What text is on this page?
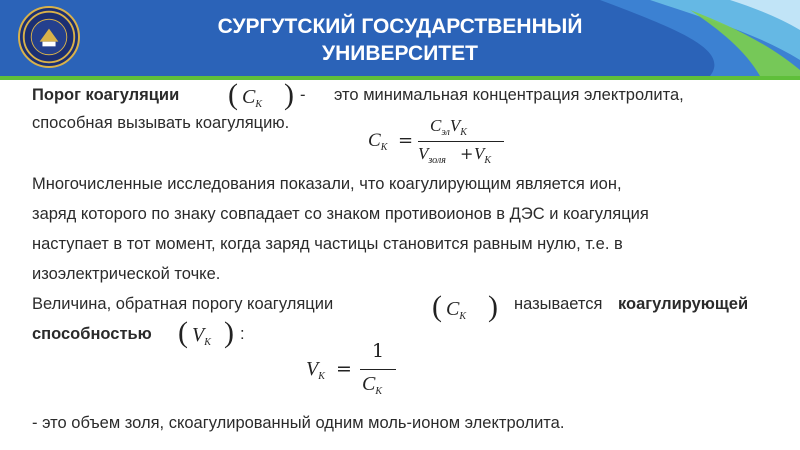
СУРГУТСКИЙ ГОСУДАРСТВЕННЫЙ
УНИВЕРСИТЕТ
Порог коагуляции ( $C_К$ ) - это минимальная концентрация электролита,
способная вызывать коагуляцию.
$C_К$ =
$C_{эл}V_К$
$V_{золя} + V_К$
Многочисленные исследования показали, что коагулирующим является ион,
заряд которого по знаку совпадает со знаком противоионов в ДЭС и коагуляция
наступает в тот момент, когда заряд частицы становится равным нулю, т.е. в
изоэлектрической точке.
Величина, обратная порогу коагуляции	( $C_К$ ) называется коагулирующей
способностью ( $V_К$ ) :
$V_К$ =
1
$C_К$
- это объем золя, скоагулированный одним моль-ионом электролита.
